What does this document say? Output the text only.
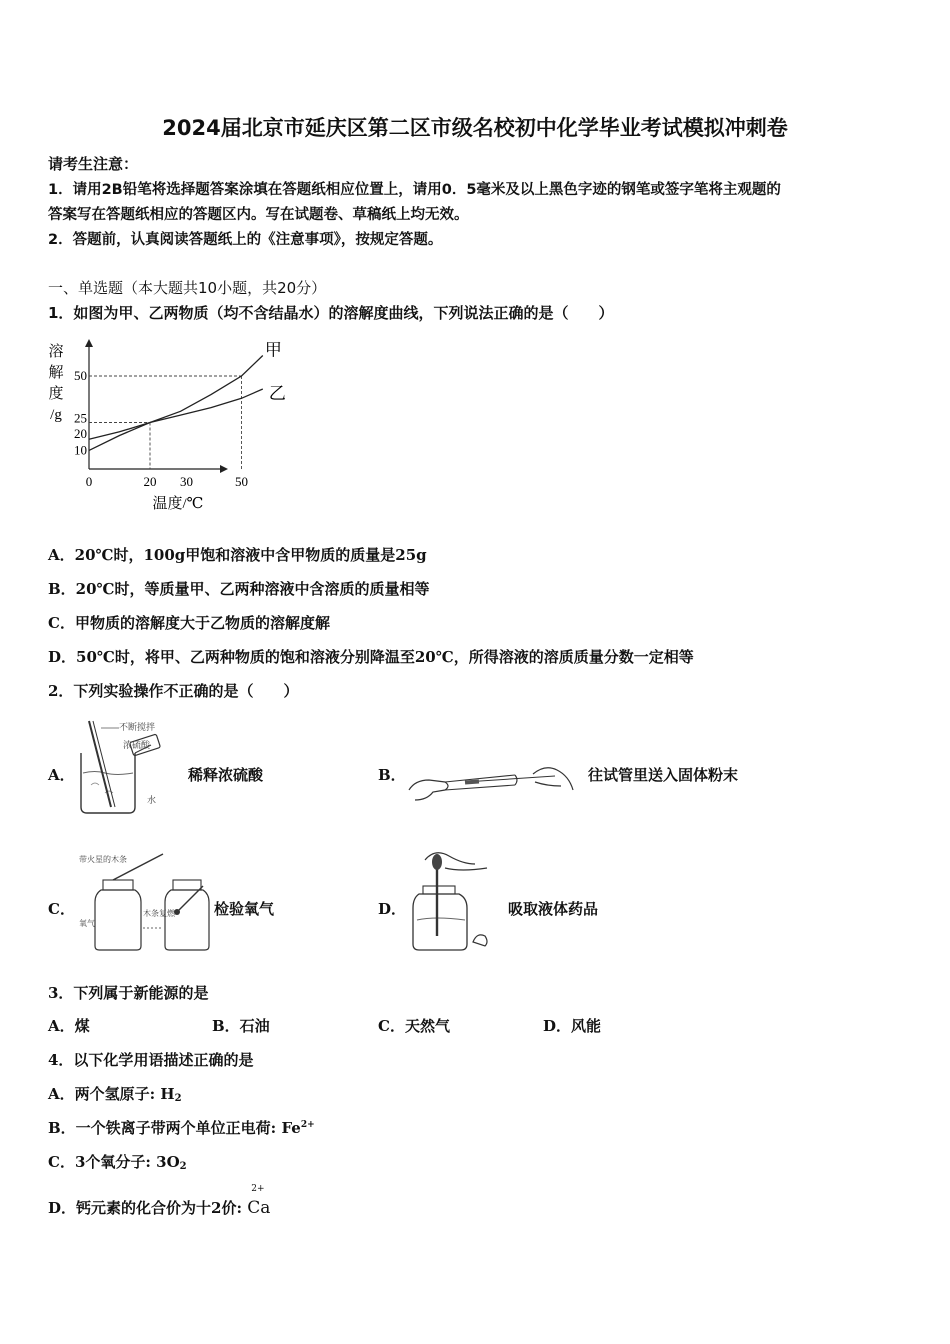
2024届北京市延庆区第二区市级名校初中化学毕业考试模拟冲刺卷
请考生注意：
1．请用2B铅笔将选择题答案涂填在答题纸相应位置上，请用0．5毫米及以上黑色字迹的钢笔或签字笔将主观题的
答案写在答题纸相应的答题区内。写在试题卷、草稿纸上均无效。
2．答题前，认真阅读答题纸上的《注意事项》，按规定答题。
一、单选题（本大题共10小题，共20分）
1．如图为甲、乙两物质（均不含结晶水）的溶解度曲线，下列说法正确的是（　　）
溶
解
度
/g
甲
乙
0	20 30	50
10
20
25
50
温度/℃
A．20℃时，100g甲饱和溶液中含甲物质的质量是25g
B．20℃时，等质量甲、乙两种溶液中含溶质的质量相等
C．甲物质的溶解度大于乙物质的溶解度解
D．50℃时，将甲、乙两种物质的饱和溶液分别降温至20℃，所得溶液的溶质质量分数一定相等
2．下列实验操作不正确的是（　　）
A．
不断搅拌
浓硫酸
水
稀释浓硫酸	B．	往试管里送入固体粉末
C．
带火星的木条
氧气
木条复燃	检验氧气	D．	吸取液体药品
3．下列属于新能源的是
A．煤	B．石油	C．天然气	D．风能
4．以下化学用语描述正确的是
A．两个氢原子: $H_2$
B．一个铁离子带两个单位正电荷: $Fe^{2+}$
C．3个氧分子: $3O_2$
D．钙元素的化合价为十2价:
2+
Ca
